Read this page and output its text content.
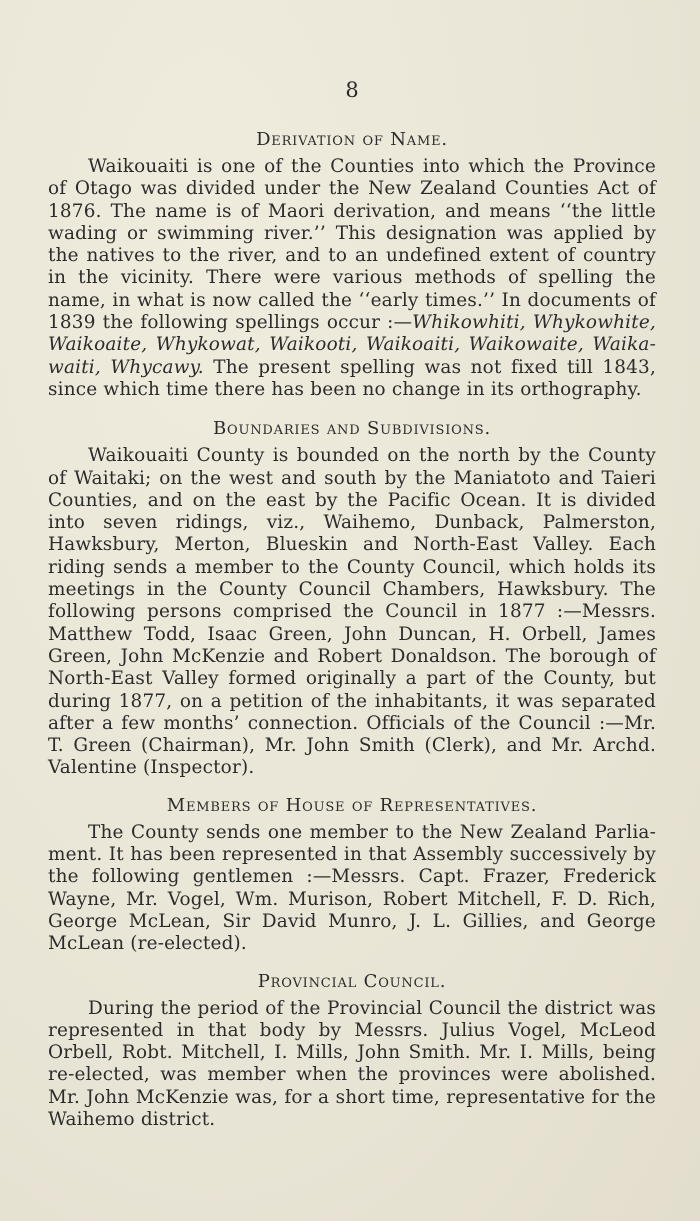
8
Derivation of Name.

Waikouaiti is one of the Counties into which the Province of Otago was divided under the New Zealand Counties Act of 1876. The name is of Maori derivation, and means ‘‘the little wading or swimming river.’’ This designation was applied by the natives to the river, and to an undefined extent of country in the vicinity. There were various methods of spelling the name, in what is now called the ‘‘early times.’’ In documents of 1839 the following spellings occur :—Whikowhiti, Whykowhite, Waikoaite, Whykowat, Waikooti, Waikoaiti, Waikowaite, Waika-waiti, Whycawy. The present spelling was not fixed till 1843, since which time there has been no change in its orthography.

Boundaries and Subdivisions.

Waikouaiti County is bounded on the north by the County of Waitaki; on the west and south by the Maniatoto and Taieri Counties, and on the east by the Pacific Ocean. It is divided into seven ridings, viz., Waihemo, Dunback, Palmerston, Hawksbury, Merton, Blueskin and North-East Valley. Each riding sends a member to the County Council, which holds its meetings in the County Council Chambers, Hawksbury. The following persons comprised the Council in 1877 :—Messrs. Matthew Todd, Isaac Green, John Duncan, H. Orbell, James Green, John McKenzie and Robert Donaldson. The borough of North-East Valley formed originally a part of the County, but during 1877, on a petition of the inhabitants, it was separated after a few months’ connection. Officials of the Council :—Mr. T. Green (Chairman), Mr. John Smith (Clerk), and Mr. Archd. Valentine (Inspector).

Members of House of Representatives.

The County sends one member to the New Zealand Parlia-ment. It has been represented in that Assembly successively by the following gentlemen :—Messrs. Capt. Frazer, Frederick Wayne, Mr. Vogel, Wm. Murison, Robert Mitchell, F. D. Rich, George McLean, Sir David Munro, J. L. Gillies, and George McLean (re-elected).

Provincial Council.

During the period of the Provincial Council the district was represented in that body by Messrs. Julius Vogel, McLeod Orbell, Robt. Mitchell, I. Mills, John Smith. Mr. I. Mills, being re-elected, was member when the provinces were abolished. Mr. John McKenzie was, for a short time, representative for the Waihemo district.
